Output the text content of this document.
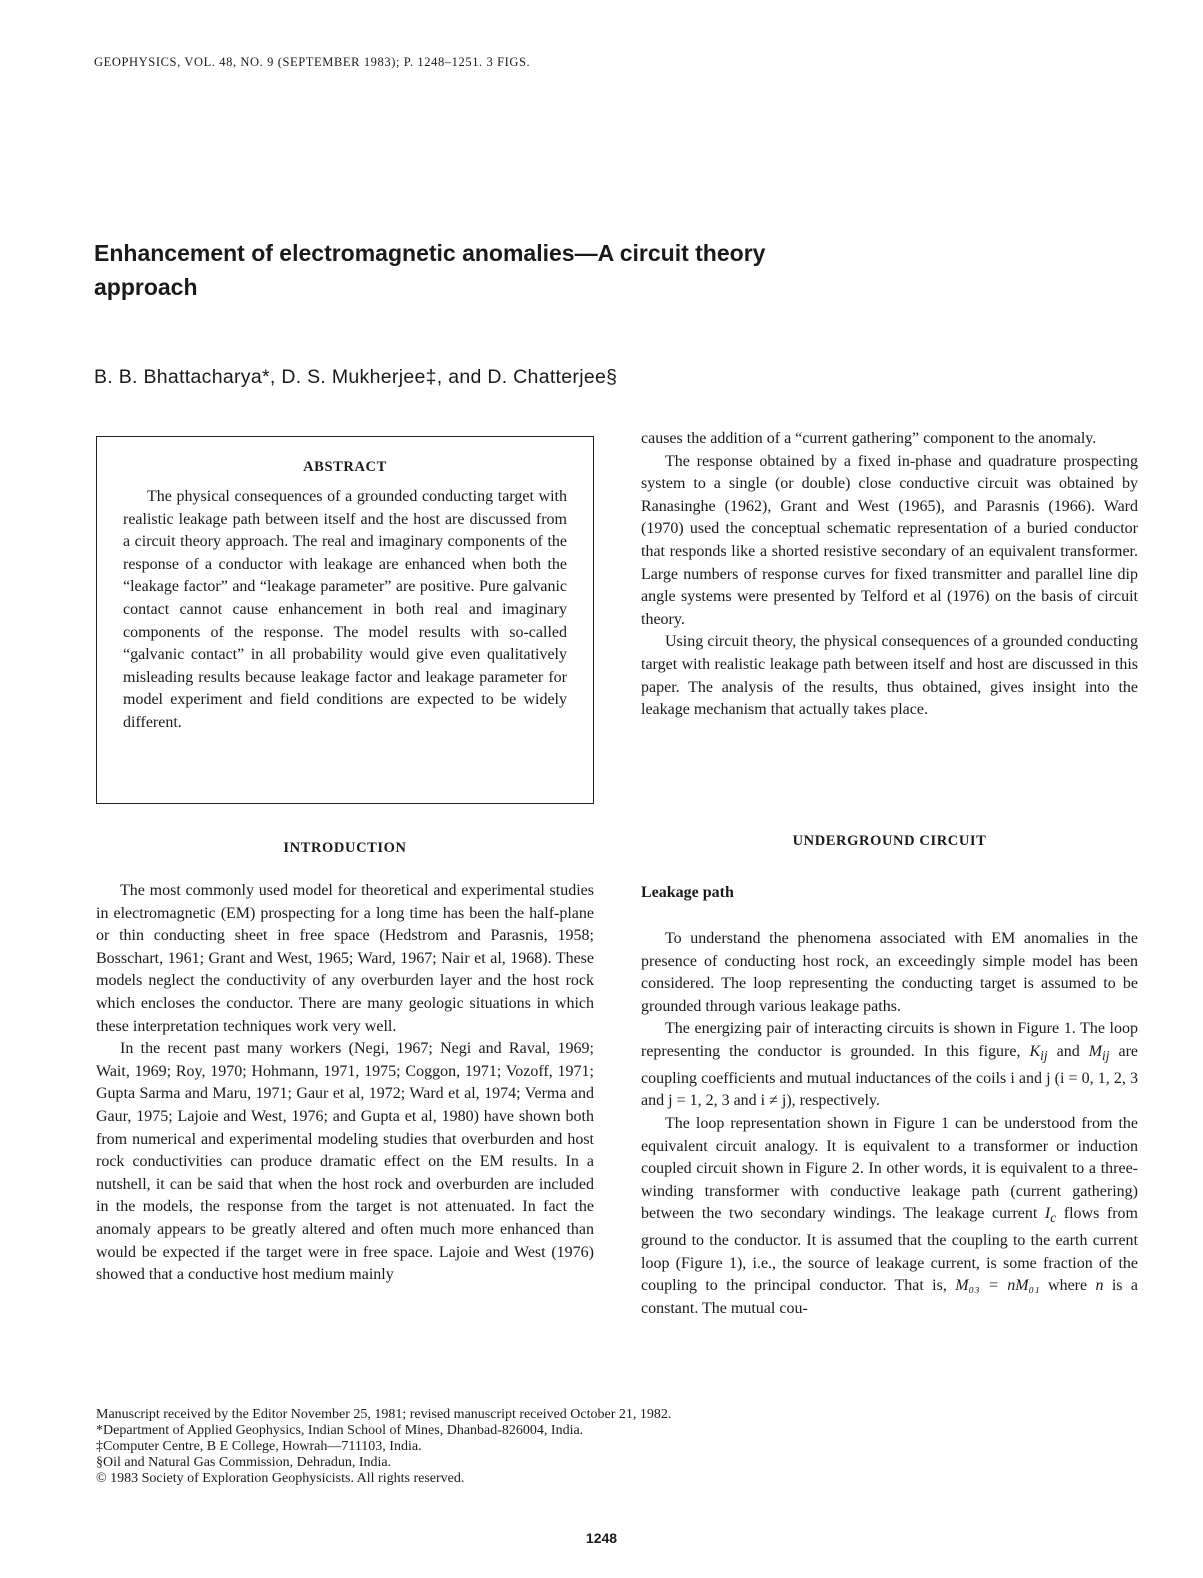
GEOPHYSICS, VOL. 48, NO. 9 (SEPTEMBER 1983); P. 1248–1251. 3 FIGS.
Enhancement of electromagnetic anomalies—A circuit theory approach
B. B. Bhattacharya*, D. S. Mukherjee‡, and D. Chatterjee§
ABSTRACT

The physical consequences of a grounded conducting target with realistic leakage path between itself and the host are discussed from a circuit theory approach. The real and imaginary components of the response of a conductor with leakage are enhanced when both the “leakage factor” and “leakage parameter” are positive. Pure galvanic contact cannot cause enhancement in both real and imaginary components of the response. The model results with so-called “galvanic contact” in all probability would give even qualitatively misleading results because leakage factor and leakage parameter for model experiment and field conditions are expected to be widely different.

causes the addition of a “current gathering” component to the anomaly.

The response obtained by a fixed in-phase and quadrature prospecting system to a single (or double) close conductive circuit was obtained by Ranasinghe (1962), Grant and West (1965), and Parasnis (1966). Ward (1970) used the conceptual schematic representation of a buried conductor that responds like a shorted resistive secondary of an equivalent transformer. Large numbers of response curves for fixed transmitter and parallel line dip angle systems were presented by Telford et al (1976) on the basis of circuit theory.

Using circuit theory, the physical consequences of a grounded conducting target with realistic leakage path between itself and host are discussed in this paper. The analysis of the results, thus obtained, gives insight into the leakage mechanism that actually takes place.

INTRODUCTION

The most commonly used model for theoretical and experimental studies in electromagnetic (EM) prospecting for a long time has been the half-plane or thin conducting sheet in free space (Hedstrom and Parasnis, 1958; Bosschart, 1961; Grant and West, 1965; Ward, 1967; Nair et al, 1968). These models neglect the conductivity of any overburden layer and the host rock which encloses the conductor. There are many geologic situations in which these interpretation techniques work very well.

In the recent past many workers (Negi, 1967; Negi and Raval, 1969; Wait, 1969; Roy, 1970; Hohmann, 1971, 1975; Coggon, 1971; Vozoff, 1971; Gupta Sarma and Maru, 1971; Gaur et al, 1972; Ward et al, 1974; Verma and Gaur, 1975; Lajoie and West, 1976; and Gupta et al, 1980) have shown both from numerical and experimental modeling studies that overburden and host rock conductivities can produce dramatic effect on the EM results. In a nutshell, it can be said that when the host rock and overburden are included in the models, the response from the target is not attenuated. In fact the anomaly appears to be greatly altered and often much more enhanced than would be expected if the target were in free space. Lajoie and West (1976) showed that a conductive host medium mainly

UNDERGROUND CIRCUIT
Leakage path

To understand the phenomena associated with EM anomalies in the presence of conducting host rock, an exceedingly simple model has been considered. The loop representing the conducting target is assumed to be grounded through various leakage paths.

The energizing pair of interacting circuits is shown in Figure 1. The loop representing the conductor is grounded. In this figure, $K_{ij}$ and $M_{ij}$ are coupling coefficients and mutual inductances of the coils i and j (i = 0, 1, 2, 3 and j = 1, 2, 3 and i ≠ j), respectively.

The loop representation shown in Figure 1 can be understood from the equivalent circuit analogy. It is equivalent to a transformer or induction coupled circuit shown in Figure 2. In other words, it is equivalent to a three-winding transformer with conductive leakage path (current gathering) between the two secondary windings. The leakage current $I_c$ flows from ground to the conductor. It is assumed that the coupling to the earth current loop (Figure 1), i.e., the source of leakage current, is some fraction of the coupling to the principal conductor. That is, M₀₃ = nM₀₁ where n is a constant. The mutual cou-

Manuscript received by the Editor November 25, 1981; revised manuscript received October 21, 1982.
*Department of Applied Geophysics, Indian School of Mines, Dhanbad-826004, India.
‡Computer Centre, B E College, Howrah—711103, India.
§Oil and Natural Gas Commission, Dehradun, India.
© 1983 Society of Exploration Geophysicists. All rights reserved.
1248
